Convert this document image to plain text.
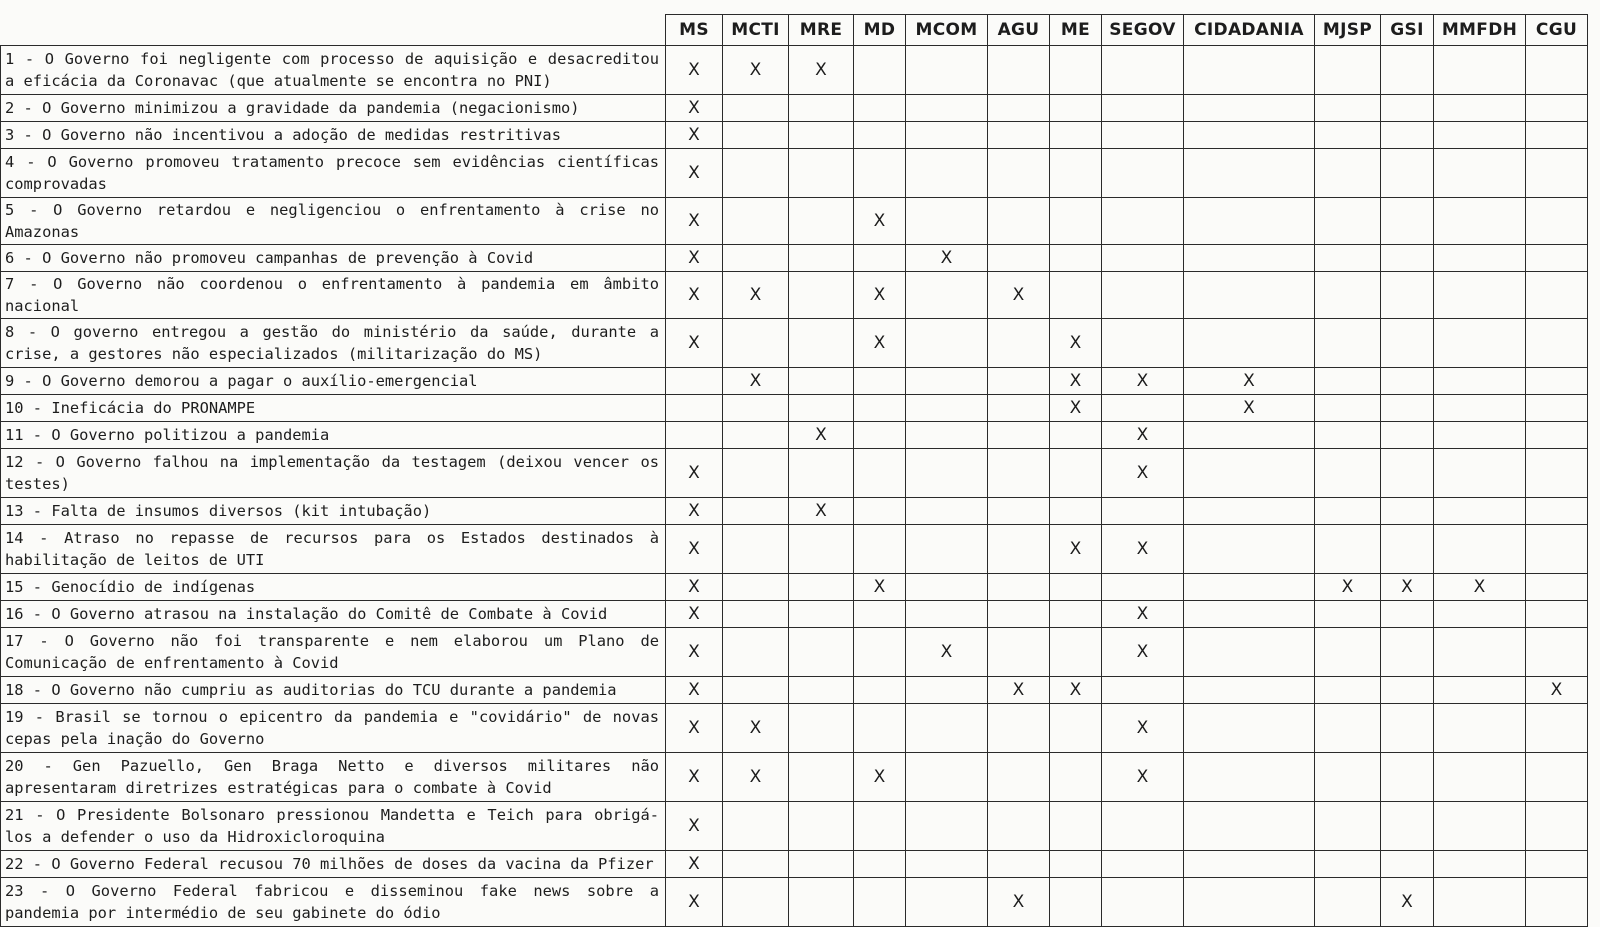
	MS	MCTI	MRE	MD	MCOM	AGU	ME	SEGOV	CIDADANIA	MJSP	GSI	MMFDH	CGU
1 - O Governo foi negligente com processo de aquisição e desacreditou a eficácia da Coronavac (que atualmente se encontra no PNI)	X	X	X										
2 - O Governo minimizou a gravidade da pandemia (negacionismo)	X												
3 - O Governo não incentivou a adoção de medidas restritivas	X												
4 - O Governo promoveu tratamento precoce sem evidências científicas comprovadas	X												
5 - O Governo retardou e negligenciou o enfrentamento à crise no Amazonas	X			X									
6 - O Governo não promoveu campanhas de prevenção à Covid	X				X								
7 - O Governo não coordenou o enfrentamento à pandemia em âmbito nacional	X	X		X		X							
8 - O governo entregou a gestão do ministério da saúde, durante a crise, a gestores não especializados (militarização do MS)	X			X			X						
9 - O Governo demorou a pagar o auxílio-emergencial		X					X	X	X				
10 - Ineficácia do PRONAMPE							X		X				
11 - O Governo politizou a pandemia			X					X					
12 - O Governo falhou na implementação da testagem (deixou vencer os testes)	X							X					
13 - Falta de insumos diversos (kit intubação)	X		X										
14 - Atraso no repasse de recursos para os Estados destinados à habilitação de leitos de UTI	X						X	X					
15 - Genocídio de indígenas	X			X						X	X	X	
16 - O Governo atrasou na instalação do Comitê de Combate à Covid	X							X					
17 - O Governo não foi transparente e nem elaborou um Plano de Comunicação de enfrentamento à Covid	X				X			X					
18 - O Governo não cumpriu as auditorias do TCU durante a pandemia	X					X	X						X
19 - Brasil se tornou o epicentro da pandemia e "covidário" de novas cepas pela inação do Governo	X	X						X					
20 - Gen Pazuello, Gen Braga Netto e diversos militares não apresentaram diretrizes estratégicas para o combate à Covid	X	X		X				X					
21 - O Presidente Bolsonaro pressionou Mandetta e Teich para obrigá-los a defender o uso da Hidroxicloroquina	X												
22 - O Governo Federal recusou 70 milhões de doses da vacina da Pfizer	X												
23 - O Governo Federal fabricou e disseminou fake news sobre a pandemia por intermédio de seu gabinete do ódio	X					X					X		
